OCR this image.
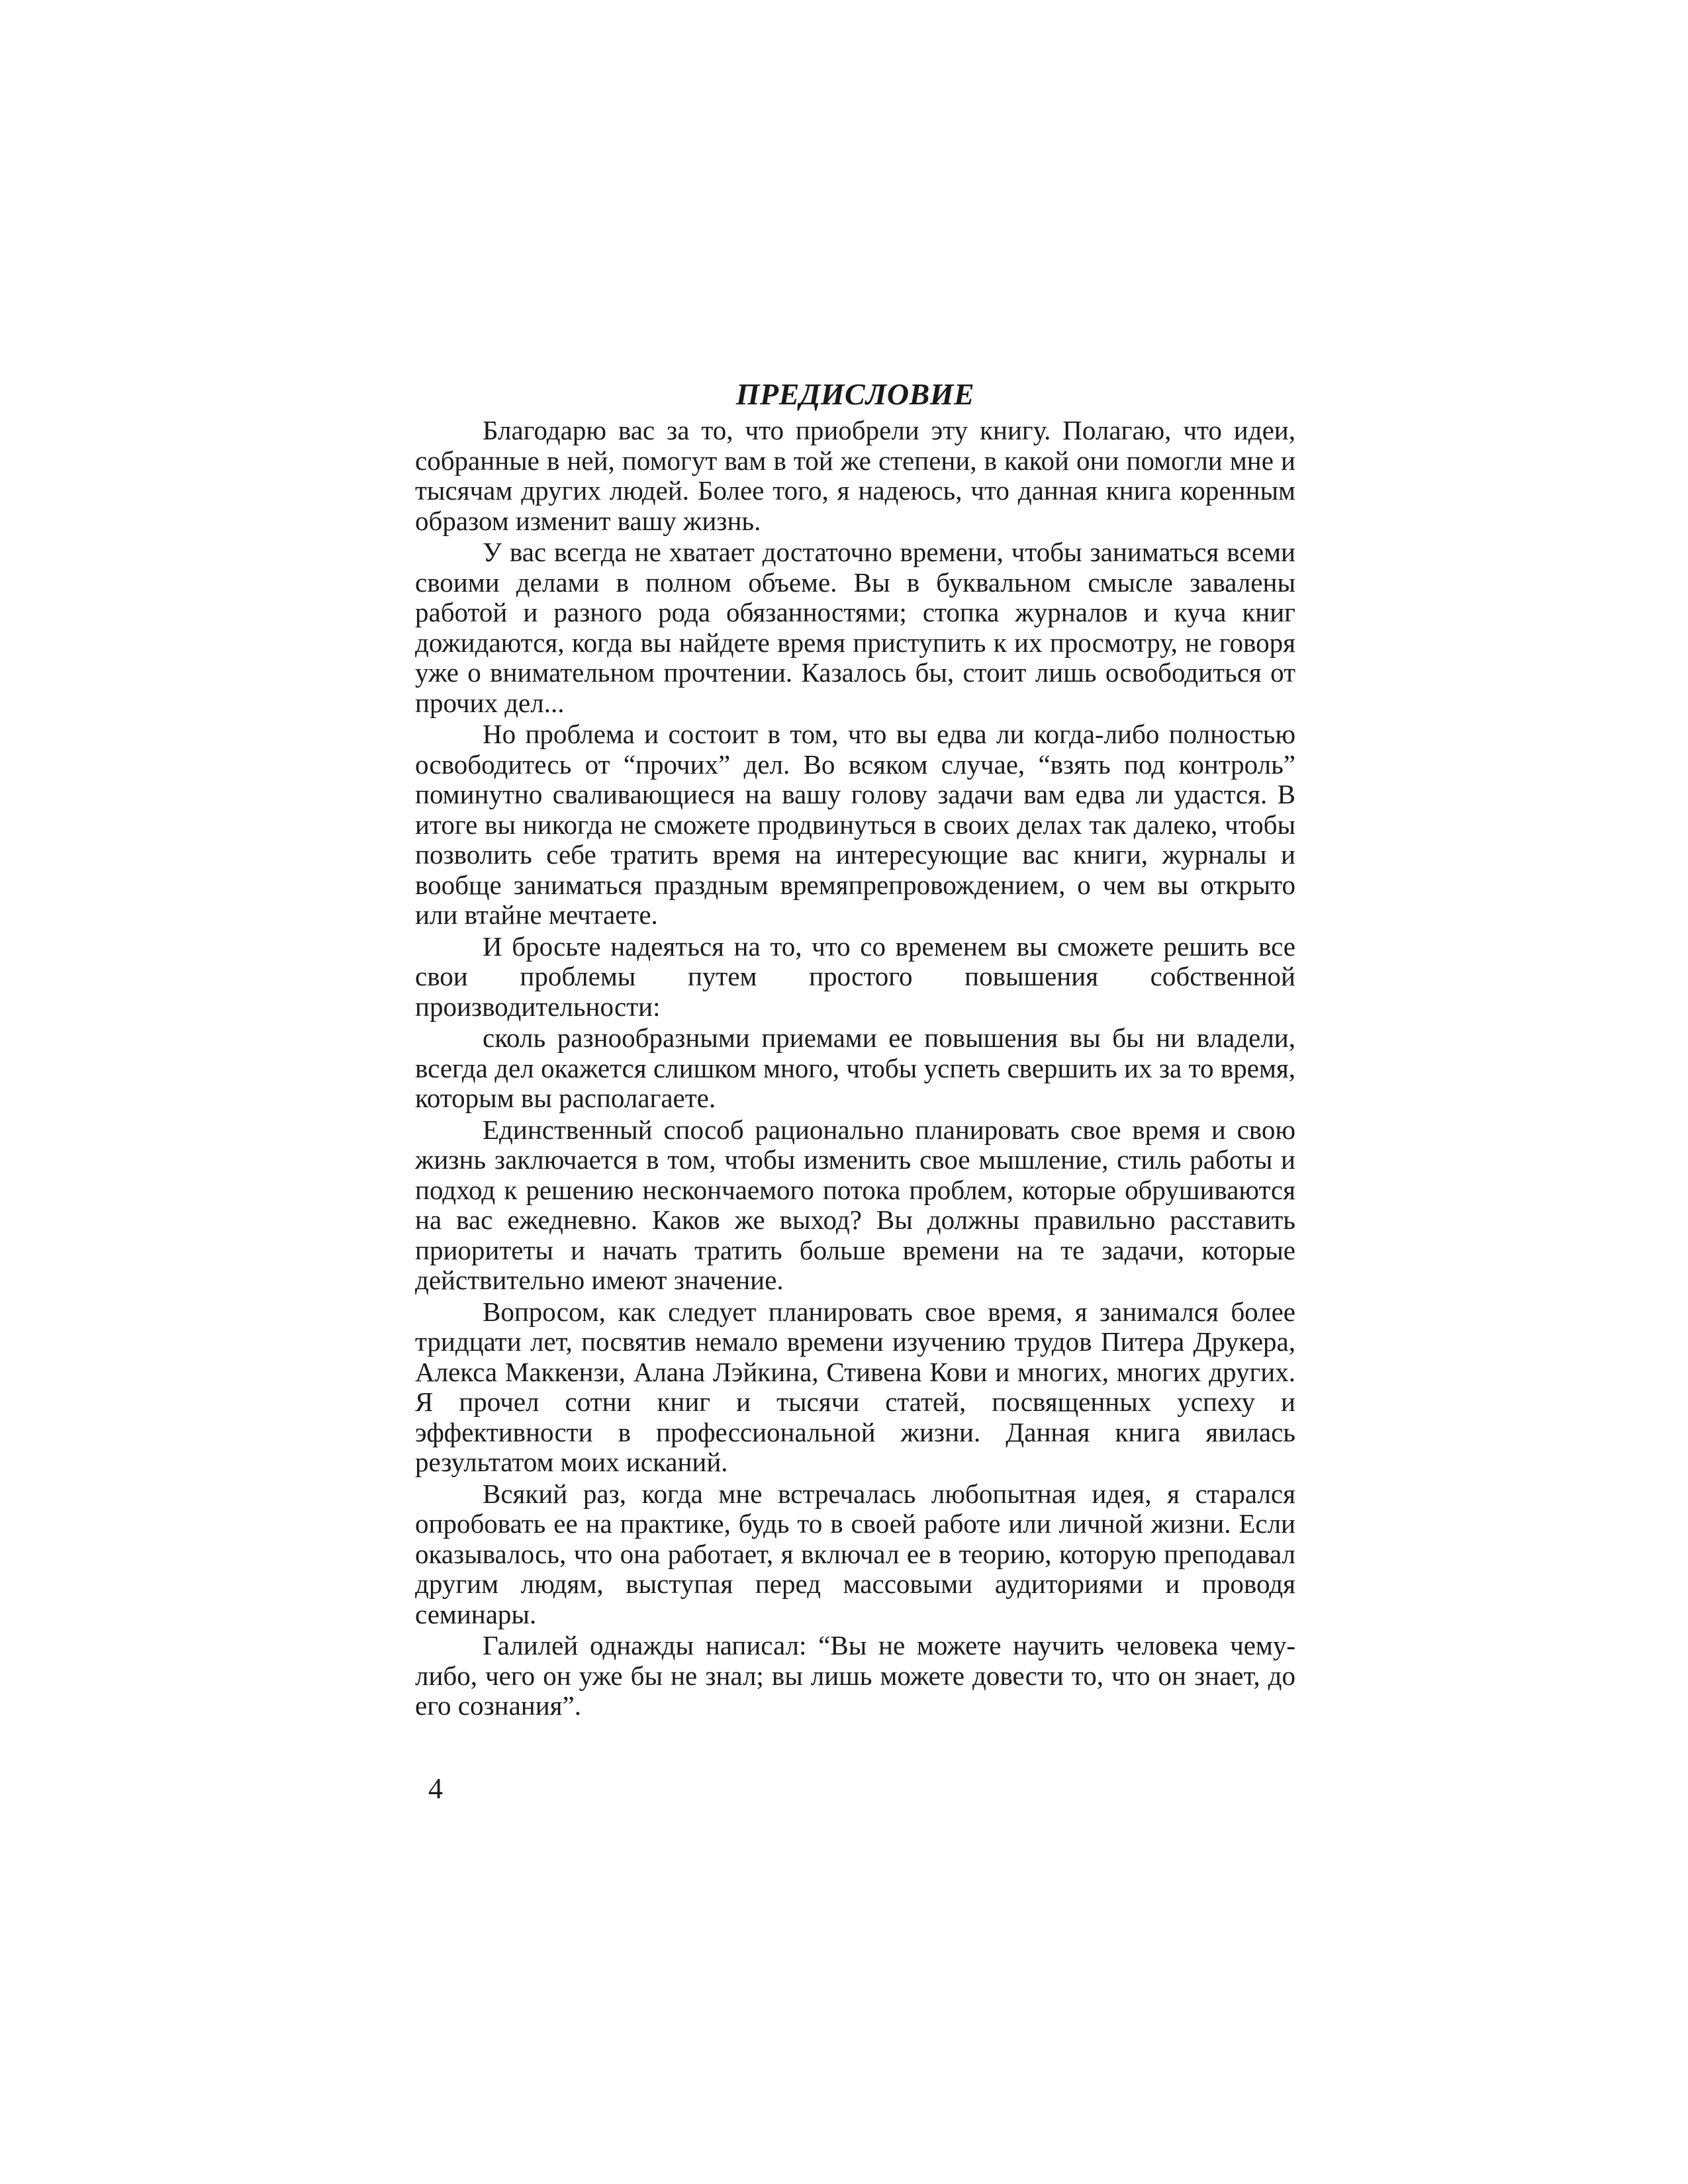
ПРЕДИСЛОВИЕ

Благодарю вас за то, что приобрели эту книгу. Полагаю, что идеи, собранные в ней, помогут вам в той же степени, в какой они помогли мне и тысячам других людей. Более того, я надеюсь, что данная книга коренным образом изменит вашу жизнь.

У вас всегда не хватает достаточно времени, чтобы заниматься всеми своими делами в полном объеме. Вы в буквальном смысле завалены работой и разного рода обязанностями; стопка журналов и куча книг дожидаются, когда вы найдете время приступить к их просмотру, не говоря уже о внимательном прочтении. Казалось бы, стоит лишь освободиться от прочих дел...

Но проблема и состоит в том, что вы едва ли когда-либо полностью освободитесь от “прочих” дел. Во всяком случае, “взять под контроль” поминутно сваливающиеся на вашу голову задачи вам едва ли удастся. В итоге вы никогда не сможете продвинуться в своих делах так далеко, чтобы позволить себе тратить время на интересующие вас книги, журналы и вообще заниматься праздным времяпрепровождением, о чем вы открыто или втайне мечтаете.

И бросьте надеяться на то, что со временем вы сможете решить все свои проблемы путем простого повышения собственной производительности:

сколь разнообразными приемами ее повышения вы бы ни владели, всегда дел окажется слишком много, чтобы успеть свершить их за то время, которым вы располагаете.

Единственный способ рационально планировать свое время и свою жизнь заключается в том, чтобы изменить свое мышление, стиль работы и подход к решению нескончаемого потока проблем, которые обрушиваются на вас ежедневно. Каков же выход? Вы должны правильно расставить приоритеты и начать тратить больше времени на те задачи, которые действительно имеют значение.

Вопросом, как следует планировать свое время, я занимался более тридцати лет, посвятив немало времени изучению трудов Питера Друкера, Алекса Маккензи, Алана Лэйкина, Стивена Кови и многих, многих других. Я прочел сотни книг и тысячи статей, посвященных успеху и эффективности в профессиональной жизни. Данная книга явилась результатом моих исканий.

Всякий раз, когда мне встречалась любопытная идея, я старался опробовать ее на практике, будь то в своей работе или личной жизни. Если оказывалось, что она работает, я включал ее в теорию, которую преподавал другим людям, выступая перед массовыми аудиториями и проводя семинары.

Галилей однажды написал: “Вы не можете научить человека чему-либо, чего он уже бы не знал; вы лишь можете довести то, что он знает, до его сознания”.

4
